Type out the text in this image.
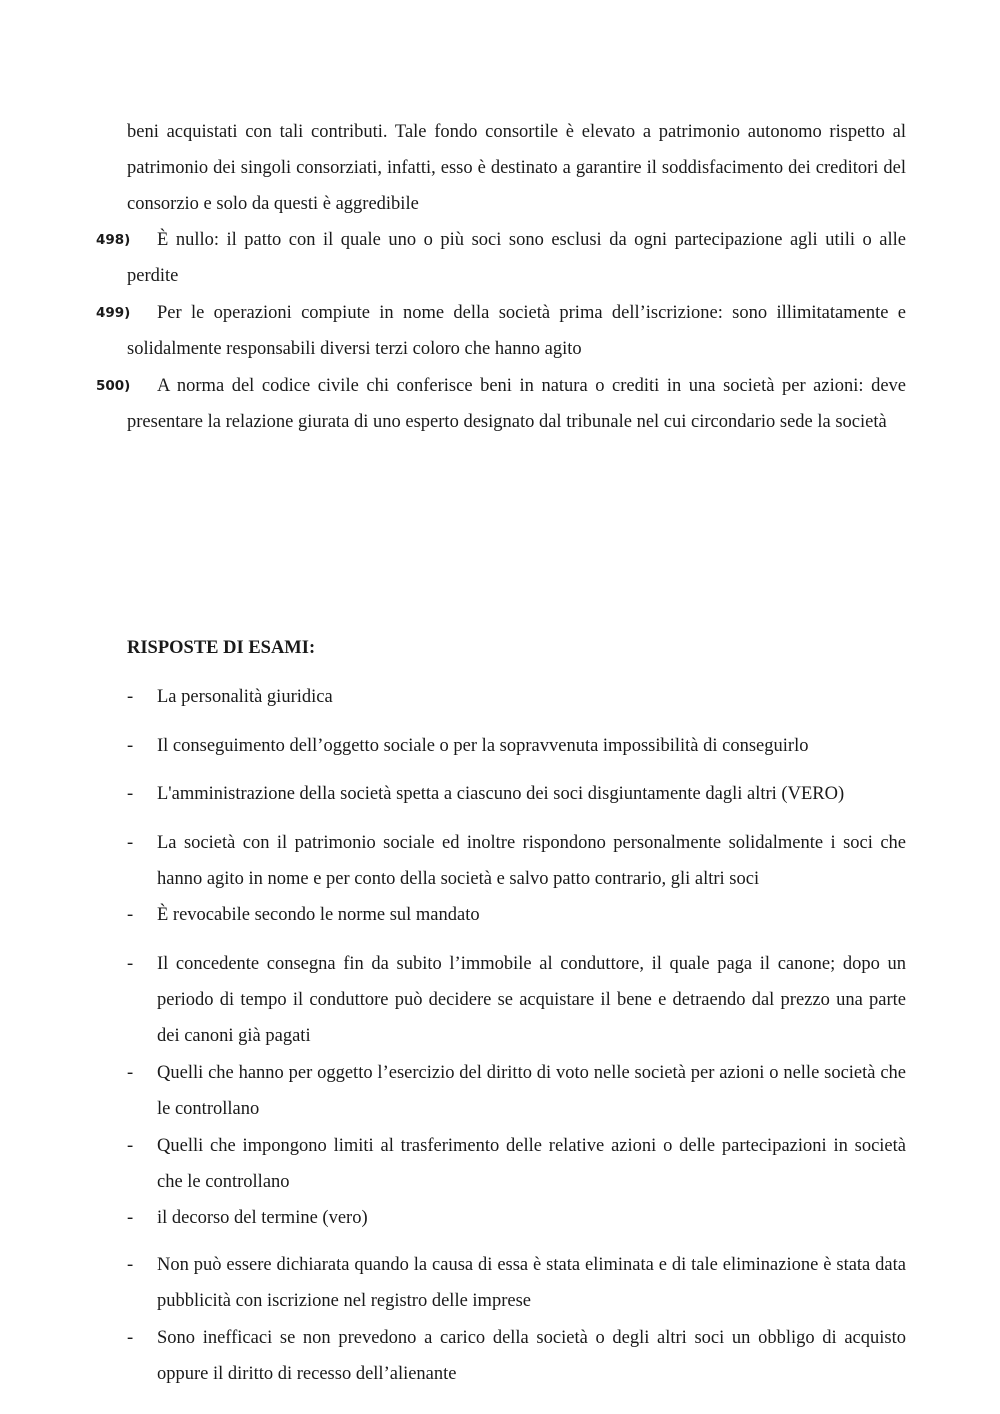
beni acquistati con tali contributi. Tale fondo consortile è elevato a patrimonio autonomo rispetto al patrimonio dei singoli consorziati, infatti, esso è destinato a garantire il soddisfacimento dei creditori del consorzio e solo da questi è aggredibile

498)	È nullo: il patto con il quale uno o più soci sono esclusi da ogni partecipazione agli utili o alle perdite
499)	Per le operazioni compiute in nome della società prima dell’iscrizione: sono illimitatamente e solidalmente responsabili diversi terzi coloro che hanno agito
500)	A norma del codice civile chi conferisce beni in natura o crediti in una società per azioni: deve presentare la relazione giurata di uno esperto designato dal tribunale nel cui circondario sede la società
RISPOSTE DI ESAMI:
- La personalità giuridica
- Il conseguimento dell’oggetto sociale o per la sopravvenuta impossibilità di conseguirlo
- L'amministrazione della società spetta a ciascuno dei soci disgiuntamente dagli altri (VERO)
- La società con il patrimonio sociale ed inoltre rispondono personalmente solidalmente i soci che hanno agito in nome e per conto della società e salvo patto contrario, gli altri soci
- È revocabile secondo le norme sul mandato
- Il concedente consegna fin da subito l’immobile al conduttore, il quale paga il canone; dopo un periodo di tempo il conduttore può decidere se acquistare il bene e detraendo dal prezzo una parte dei canoni già pagati
- Quelli che hanno per oggetto l’esercizio del diritto di voto nelle società per azioni o nelle società che le controllano
- Quelli che impongono limiti al trasferimento delle relative azioni o delle partecipazioni in società che le controllano
- il decorso del termine (vero)
- Non può essere dichiarata quando la causa di essa è stata eliminata e di tale eliminazione è stata data pubblicità con iscrizione nel registro delle imprese
- Sono inefficaci se non prevedono a carico della società o degli altri soci un obbligo di acquisto oppure il diritto di recesso dell’alienante
